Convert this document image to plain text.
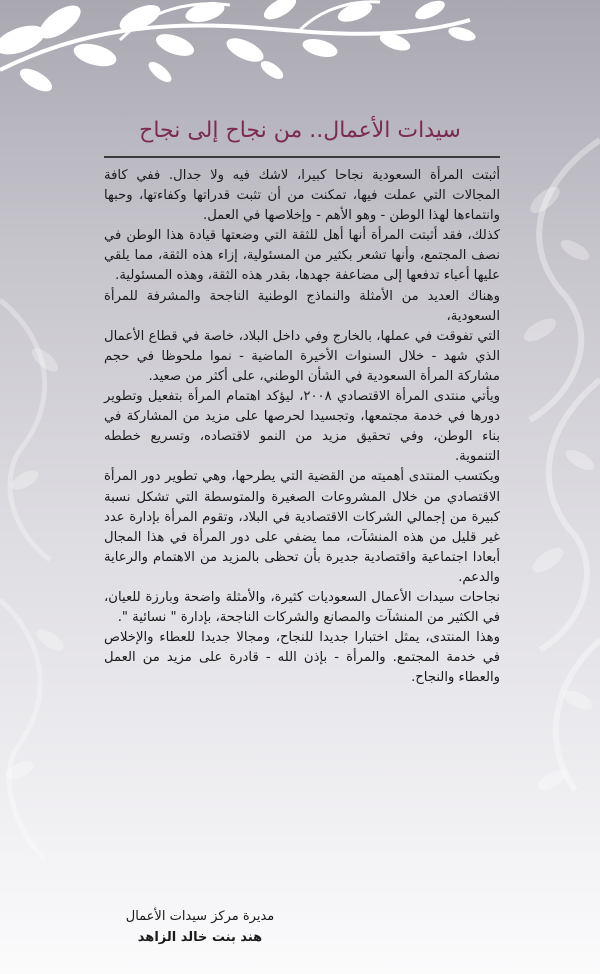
سيدات الأعمال.. من نجاح إلى نجاح

أثبتت المرأة السعودية نجاحا كبيرا، لاشك فيه ولا جدال. ففي كافة المجالات التي عملت فيها، تمكنت من أن تثبت قدراتها وكفاءتها، وحبها وانتماءها لهذا الوطن - وهو الأهم - وإخلاصها في العمل.

كذلك، فقد أثبتت المرأة أنها أهل للثقة التي وضعتها قيادة هذا الوطن في نصف المجتمع، وأنها تشعر بكثير من المسئولية، إزاء هذه الثقة، مما يلقي عليها أعباء تدفعها إلى مضاعفة جهدها، بقدر هذه الثقة، وهذه المسئولية.

وهناك العديد من الأمثلة والنماذج الوطنية الناجحة والمشرفة للمرأة السعودية،

التي تفوقت في عملها، بالخارج وفي داخل البلاد، خاصة في قطاع الأعمال الذي شهد - خلال السنوات الأخيرة الماضية - نموا ملحوظا في حجم مشاركة المرأة السعودية في الشأن الوطني، على أكثر من صعيد.

ويأتي منتدى المرأة الاقتصادي ٢٠٠٨، ليؤكد اهتمام المرأة بتفعيل وتطوير دورها في خدمة مجتمعها، وتجسيدا لحرصها على مزيد من المشاركة في بناء الوطن، وفي تحقيق مزيد من النمو لاقتصاده، وتسريع خططه التنموية.

ويكتسب المنتدى أهميته من القضية التي يطرحها، وهي تطوير دور المرأة الاقتصادي من خلال المشروعات الصغيرة والمتوسطة التي تشكل نسبة كبيرة من إجمالي الشركات الاقتصادية في البلاد، وتقوم المرأة بإدارة عدد غير قليل من هذه المنشآت، مما يضفي على دور المرأة في هذا المجال أبعادا اجتماعية واقتصادية جديرة بأن تحظى بالمزيد من الاهتمام والرعاية والدعم.

نجاحات سيدات الأعمال السعوديات كثيرة، والأمثلة واضحة وبارزة للعيان، في الكثير من المنشآت والمصانع والشركات الناجحة، بإدارة " نسائية ".

وهذا المنتدى، يمثل اختبارا جديدا للنجاح، ومجالا جديدا للعطاء والإخلاص في خدمة المجتمع. والمرأة - بإذن الله - قادرة على مزيد من العمل والعطاء والنجاح.

مديرة مركز سيدات الأعمال
هند بنت خالد الزاهد
